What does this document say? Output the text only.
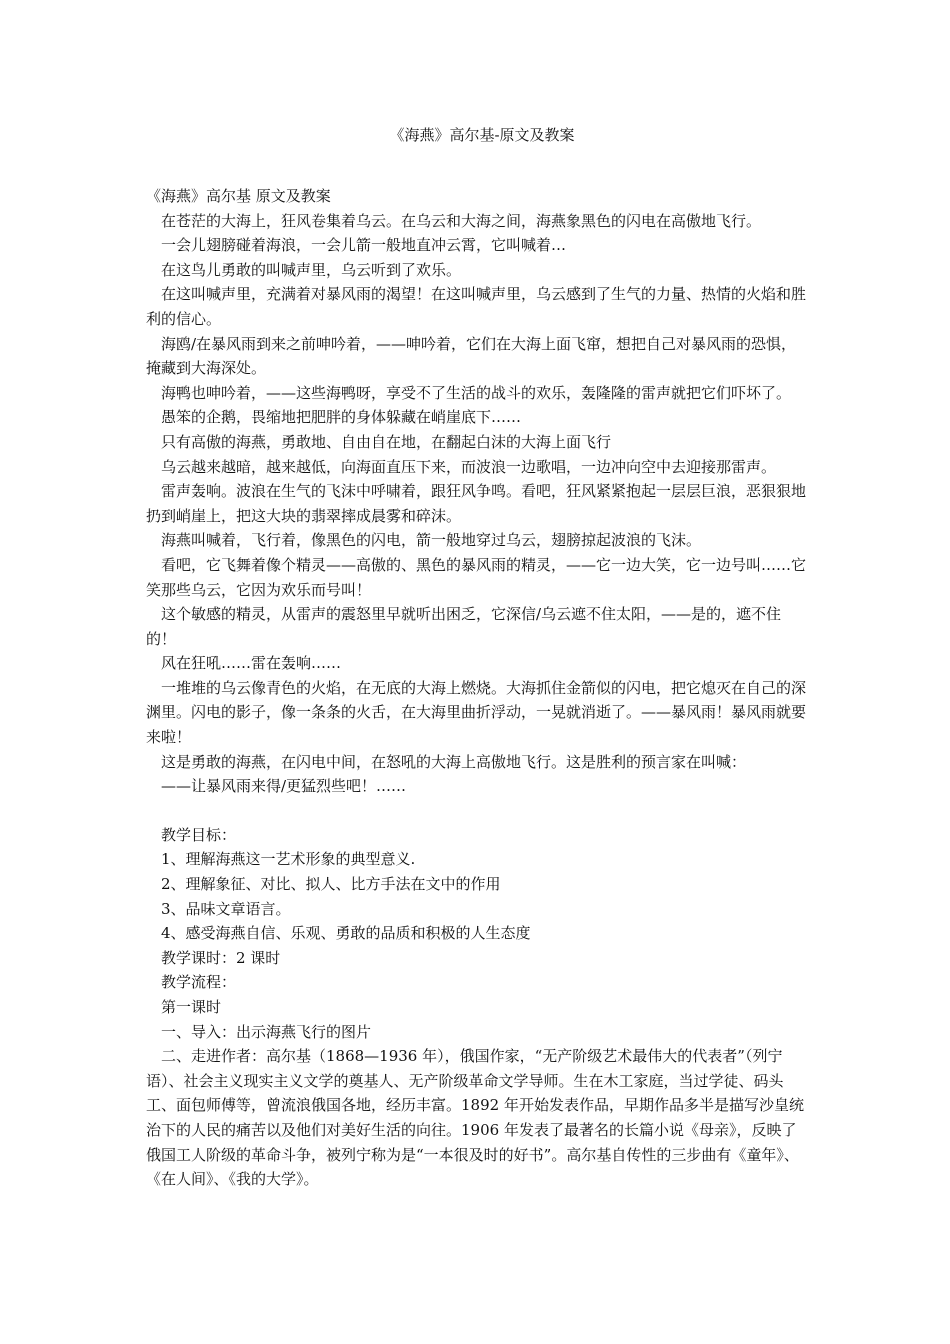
《海燕》高尔基-原文及教案

《海燕》高尔基 原文及教案

在苍茫的大海上，狂风卷集着乌云。在乌云和大海之间，海燕象黑色的闪电在高傲地飞行。

一会儿翅膀碰着海浪，一会儿箭一般地直冲云霄，它叫喊着…

在这鸟儿勇敢的叫喊声里，乌云听到了欢乐。

在这叫喊声里，充满着对暴风雨的渴望！在这叫喊声里，乌云感到了生气的力量、热情的火焰和胜利的信心。

海鸥/在暴风雨到来之前呻吟着，——呻吟着，它们在大海上面飞窜，想把自己对暴风雨的恐惧，掩藏到大海深处。

海鸭也呻吟着，——这些海鸭呀，享受不了生活的战斗的欢乐，轰隆隆的雷声就把它们吓坏了。

愚笨的企鹅，畏缩地把肥胖的身体躲藏在峭崖底下……

只有高傲的海燕，勇敢地、自由自在地，在翻起白沫的大海上面飞行

乌云越来越暗，越来越低，向海面直压下来，而波浪一边歌唱，一边冲向空中去迎接那雷声。

雷声轰响。波浪在生气的飞沫中呼啸着，跟狂风争鸣。看吧，狂风紧紧抱起一层层巨浪，恶狠狠地扔到峭崖上，把这大块的翡翠摔成晨雾和碎沫。

海燕叫喊着，飞行着，像黑色的闪电，箭一般地穿过乌云，翅膀掠起波浪的飞沫。

看吧，它飞舞着像个精灵——高傲的、黑色的暴风雨的精灵，——它一边大笑，它一边号叫……它笑那些乌云，它因为欢乐而号叫！

这个敏感的精灵，从雷声的震怒里早就听出困乏，它深信/乌云遮不住太阳，——是的，遮不住的！

风在狂吼……雷在轰响……

一堆堆的乌云像青色的火焰，在无底的大海上燃烧。大海抓住金箭似的闪电，把它熄灭在自己的深渊里。闪电的影子，像一条条的火舌，在大海里曲折浮动，一晃就消逝了。——暴风雨！暴风雨就要来啦！

这是勇敢的海燕，在闪电中间，在怒吼的大海上高傲地飞行。这是胜利的预言家在叫喊：

——让暴风雨来得/更猛烈些吧！……

教学目标：

1、理解海燕这一艺术形象的典型意义.

2、理解象征、对比、拟人、比方手法在文中的作用

3、品味文章语言。

4、感受海燕自信、乐观、勇敢的品质和积极的人生态度

教学课时：2 课时

教学流程：

第一课时

一、导入：出示海燕飞行的图片

二、走进作者：高尔基（1868—1936 年），俄国作家，“无产阶级艺术最伟大的代表者”（列宁语）、社会主义现实主义文学的奠基人、无产阶级革命文学导师。生在木工家庭，当过学徒、码头工、面包师傅等，曾流浪俄国各地，经历丰富。1892 年开始发表作品，早期作品多半是描写沙皇统治下的人民的痛苦以及他们对美好生活的向往。1906 年发表了最著名的长篇小说《母亲》，反映了俄国工人阶级的革命斗争，被列宁称为是“一本很及时的好书”。高尔基自传性的三步曲有《童年》、《在人间》、《我的大学》。
